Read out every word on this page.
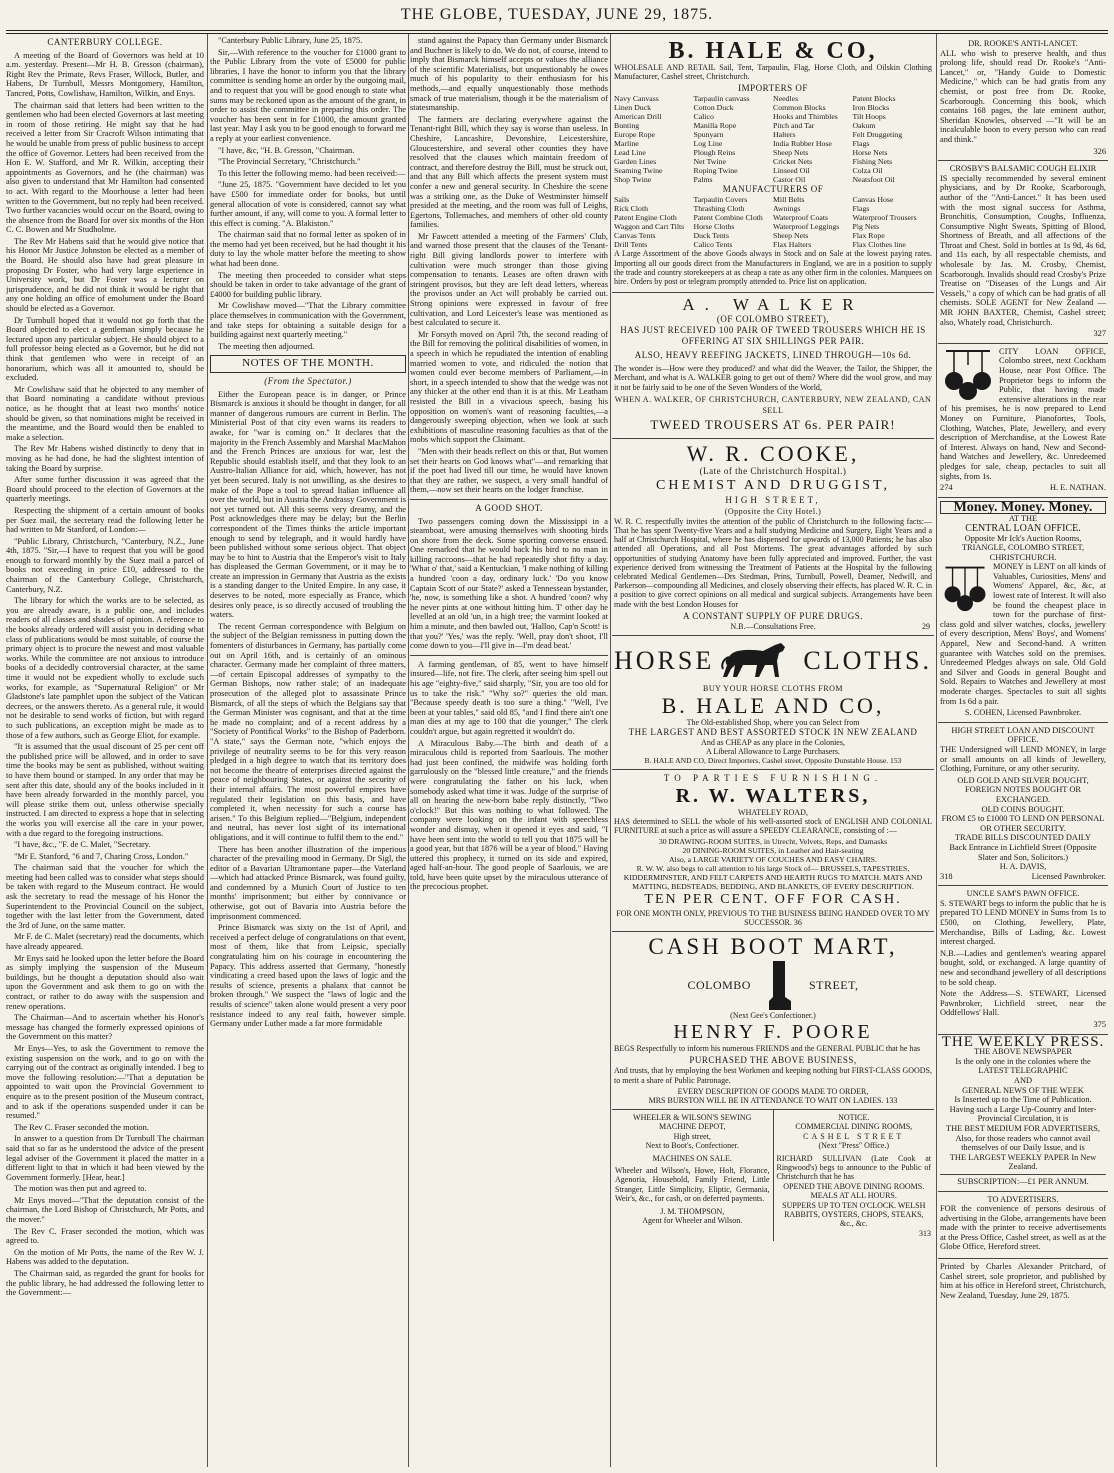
THE GLOBE, TUESDAY, JUNE 29, 1875.
CANTERBURY COLLEGE.

A meeting of the Board of Governors was held at 10 a.m. yesterday. Present—Mr H. B. Gresson (chairman), Right Rev the Primate, Revs Fraser, Willock, Butler, and Habens, Dr Turnbull, Messrs Montgomery, Hamilton, Tancred, Potts, Cowlishaw, Hamilton, Wilkin, and Enys.

The chairman said that letters had been written to the gentlemen who had been elected Governors at last meeting in room of those retiring. He might say that he had received a letter from Sir Cracroft Wilson intimating that he would be unable from press of public business to accept the office of Governor. Letters had been received from the Hon E. W. Stafford, and Mr R. Wilkin, accepting their appointments as Governors, and he (the chairman) was also given to understand that Mr Hamilton had consented to act. With regard to the Moorhouse a letter had been written to the Government, but no reply had been received. Two further vacancies would occur on the Board, owing to the absence from the Board for over six months of the Hon C. C. Bowen and Mr Studholme.

The Rev Mr Habens said that he would give notice that his Honor Mr Justice Johnston be elected as a member of the Board. He should also have had great pleasure in proposing Dr Foster, who had very large experience in University work, but Dr Foster was a lecturer on jurisprudence, and he did not think it would be right that any one holding an office of emolument under the Board should be elected as a Governor.

Dr Turnbull hoped that it would not go forth that the Board objected to elect a gentleman simply because he lectured upon any particular subject. He should object to a full professor being elected as a Governor, but he did not think that gentlemen who were in receipt of an honorarium, which was all it amounted to, should be excluded.

Mr Cowlishaw said that he objected to any member of that Board nominating a candidate without previous notice, as he thought that at least two months' notice should be given, so that nominations might be received in the meantime, and the Board would then be enabled to make a selection.

The Rev Mr Habens wished distinctly to deny that in moving as he had done, he had the slightest intention of taking the Board by surprise.

After some further discussion it was agreed that the Board should proceed to the election of Governors at the quarterly meetings.

Respecting the shipment of a certain amount of books per Suez mail, the secretary read the following letter he had written to Mr Stanford, of London:—

"Public Library, Christchurch, "Canterbury, N.Z., June 4th, 1875. "Sir,—I have to request that you will be good enough to forward monthly by the Suez mail a parcel of books not exceeding in price £10, addressed to the chairman of the Canterbury College, Christchurch, Canterbury, N.Z.

The library for which the works are to be selected, as you are already aware, is a public one, and includes readers of all classes and shades of opinion. A reference to the books already ordered will assist you in deciding what class of publications would be most suitable, of course the primary object is to procure the newest and most valuable works. While the committee are not anxious to introduce books of a decidedly controversial character, at the same time it would not be expedient wholly to exclude such works, for example, as "Supernatural Religion" or Mr Gladstone's late pamphlet upon the subject of the Vatican decrees, or the answers thereto. As a general rule, it would not be desirable to send works of fiction, but with regard to such publications, an exception might be made as to those of a few authors, such as George Eliot, for example.

"It is assumed that the usual discount of 25 per cent off the published price will be allowed, and in order to save time the books may be sent as published, without waiting to have them bound or stamped. In any order that may be sent after this date, should any of the books included in it have been already forwarded in the monthly parcel, you will please strike them out, unless otherwise specially instructed. I am directed to express a hope that in selecting the works you will exercise all the care in your power, with a due regard to the foregoing instructions.

"I have, &c., "F. de C. Malet, "Secretary.

"Mr E. Stanford, "6 and 7, Charing Cross, London."

The chairman said that the voucher for which the meeting had been called was to consider what steps should be taken with regard to the Museum contract. He would ask the secretary to read the message of his Honor the Superintendent to the Provincial Council on the subject, together with the last letter from the Government, dated the 3rd of June, on the same matter.

Mr F. de C. Malet (secretary) read the documents, which have already appeared.

Mr Enys said he looked upon the letter before the Board as simply implying the suspension of the Museum buildings, but he thought a deputation should also wait upon the Government and ask them to go on with the contract, or rather to do away with the suspension and renew operations.

The Chairman—And to ascertain whether his Honor's message has changed the formerly expressed opinions of the Government on this matter?

Mr Enys—Yes, to ask the Government to remove the existing suspension on the work, and to go on with the carrying out of the contract as originally intended. I beg to move the following resolution:—"That a deputation be appointed to wait upon the Provincial Government to enquire as to the present position of the Museum contract, and to ask if the operations suspended under it can be resumed."

The Rev C. Fraser seconded the motion.

In answer to a question from Dr Turnbull The chairman said that so far as he understood the advice of the present legal adviser of the Government it placed the matter in a different light to that in which it had been viewed by the Government formerly. [Hear, hear.]

The motion was then put and agreed to.

Mr Enys moved—"That the deputation consist of the chairman, the Lord Bishop of Christchurch, Mr Potts, and the mover."

The Rev C. Fraser seconded the motion, which was agreed to.

On the motion of Mr Potts, the name of the Rev W. J. Habens was added to the deputation.

The Chairman said, as regarded the grant for books for the public library, he had addressed the following letter to the Government:—

"Canterbury Public Library, June 25, 1875.

Sir,—With reference to the voucher for £1000 grant to the Public Library from the vote of £5000 for public libraries, I have the honor to inform you that the library committee is sending home an order by the outgoing mail, and to request that you will be good enough to state what sums may be reckoned upon as the amount of the grant, in order to assist the committee in preparing this order. The voucher has been sent in for £1000, the amount granted last year. May I ask you to be good enough to forward me a reply at your earliest convenience.

"I have, &c, "H. B. Gresson, "Chairman.

"The Provincial Secretary, "Christchurch."

To this letter the following memo. had been received:—

"June 25, 1875. "Government have decided to let you have £500 for immediate order for books, but until general allocation of vote is considered, cannot say what further amount, if any, will come to you. A formal letter to this effect is coming. "A. Blakiston."

The chairman said that no formal letter as spoken of in the memo had yet been received, but he had thought it his duty to lay the whole matter before the meeting to show what had been done.

The meeting then proceeded to consider what steps should be taken in order to take advantage of the grant of £4000 for building public library.

Mr Cowlishaw moved—"That the Library committee place themselves in communication with the Government, and take steps for obtaining a suitable design for a building against next quarterly meeting."

The meeting then adjourned.

NOTES OF THE MONTH.
(From the Spectator.)

Either the European peace is in danger, or Prince Bismarck is anxious it should be thought in danger, for all manner of dangerous rumours are current in Berlin. The Ministerial Post of that city even warns its readers to awake, for "war is coming on." It declares that the majority in the French Assembly and Marshal MacMahon and the French Princes are anxious for war, lest the Republic should establish itself, and that they look to an Austro-Italian Alliance for aid, which, however, has not yet been secured. Italy is not unwilling, as she desires to make of the Pope a tool to spread Italian influence all over the world, but in Austria the Andrassy Government is not yet turned out. All this seems very dreamy, and the Post acknowledges there may be delay; but the Berlin correspondent of the Times thinks the article important enough to send by telegraph, and it would hardly have been published without some serious object. That object may be to hint to Austria that the Emperor's visit to Italy has displeased the German Government, or it may be to create an impression in Germany that Austria as the exists is a standing danger to the United Empire. In any case, it deserves to be noted, more especially as France, which desires only peace, is so directly accused of troubling the waters.

The recent German correspondence with Belgium on the subject of the Belgian remissness in putting down the fomenters of disturbances in Germany, has partially come out on April 16th, and is certainly of an ominous character. Germany made her complaint of three matters,—of certain Episcopal addresses of sympathy to the German Bishops, now rather stale; of an inadequate prosecution of the alleged plot to assassinate Prince Bismarck, of all the steps of which the Belgians say that the German Minister was cognisant, and that at the time he made no complaint; and of a recent address by a "Society of Pontifical Works" to the Bishop of Paderborn. "A state," says the German note, "which enjoys the privilege of neutrality seems to be for this very reason pledged in a high degree to watch that its territory does not become the theatre of enterprises directed against the peace of neighbouring States, or against the security of their internal affairs. The most powerful empires have regulated their legislation on this basis, and have completed it, when necessity for such a course has arisen." To this Belgium replied—"Belgium, independent and neutral, has never lost sight of its international obligations, and it will continue to fulfil them to the end."

There has been another illustration of the imperious character of the prevailing mood in Germany. Dr Sigl, the editor of a Bavarian Ultramontane paper—the Vaterland—which had attacked Prince Bismarck, was found guilty, and condemned by a Munich Court of Justice to ten months' imprisonment; but either by connivance or otherwise, got out of Bavaria into Austria before the imprisonment commenced.

Prince Bismarck was sixty on the 1st of April, and received a perfect deluge of congratulations on that event, most of them, like that from Leipsic, specially congratulating him on his courage in encountering the Papacy. This address asserted that Germany, "honestly vindicating a creed based upon the laws of logic and the results of science, presents a phalanx that cannot be broken through." We suspect the "laws of logic and the results of science" taken alone would present a very poor resistance indeed to any real faith, however simple. Germany under Luther made a far more formidable

stand against the Papacy than Germany under Bismarck and Buchner is likely to do. We do not, of course, intend to imply that Bismarck himself accepts or values the alliance of the scientific Materialists, but unquestionably he owes much of his popularity to their enthusiasm for his methods,—and equally unquestionably those methods smack of true materialism, though it be the materialism of statesmanship.

The farmers are declaring everywhere against the Tenant-right Bill, which they say is worse than useless. In Cheshire, Lancashire, Devonshire, Leicestershire, Gloucestershire, and several other counties they have resolved that the clauses which maintain freedom of contract, and therefore destroy the Bill, must be struck out, and that any Bill which affects the present system must confer a new and general security. In Cheshire the scene was a striking one, as the Duke of Westminster himself presided at the meeting, and the room was full of Leighs, Egertons, Tollemaches, and members of other old county families.

Mr Fawcett attended a meeting of the Farmers' Club, and warned those present that the clauses of the Tenant-right Bill giving landlords power to interfere with cultivation were much stronger than those giving compensation to tenants. Leases are often drawn with stringent provisos, but they are left dead letters, whereas the provisos under an Act will probably be carried out. Strong opinions were expressed in favour of free cultivation, and Lord Leicester's lease was mentioned as best calculated to secure it.

Mr Forsyth moved on April 7th, the second reading of the Bill for removing the political disabilities of women, in a speech in which he repudiated the intention of enabling married women to vote, and ridiculed the notion that women could ever become members of Parliament,—in short, in a speech intended to show that the wedge was not any thicker at the other end than it is at this. Mr Leatham resisted the Bill in a vivacious speech, basing his opposition on women's want of reasoning faculties,—a dangerously sweeping objection, when we look at such exhibitions of masculine reasoning faculties as that of the mobs which support the Claimant.

"Men with their heads reflect on this or that, But women set their hearts on God knows what"—and remarking that if the poet had lived till our time, he would have known that they are rather, we suspect, a very small handful of them,—now set their hearts on the lodger franchise.

A GOOD SHOT.

Two passengers coming down the Mississippi in a steamboat, were amusing themselves with shooting birds on shore from the deck. Some sporting converse ensued. One remarked that he would back his bird to no man in killing raccoons—that he had repeatedly shot fifty a day. 'What o' that,' said a Kentuckian, 'I make nothing of killing a hundred 'coon a day, ordinary luck.' 'Do you know Captain Scott of our State?' asked a Tennessean bystander, 'he, now, is something like a shot. A hundred 'coon? why he never pints at one without hitting him. T' other day he levelled at an old 'un, in a high tree; the varmint looked at him a minute, and then bawled out, 'Halloo, Cap'n Scott! is that you?' 'Yes,' was the reply. 'Well, pray don't shoot, I'll come down to you—I'll give in—I'm dead beat.'

A farming gentleman, of 85, went to have himself insured—life, not fire. The clerk, after seeing him spell out his age "eighty-five," said sharply, "Sir, you are too old for us to take the risk." "Why so?" queries the old man. "Because speedy death is too sure a thing." "Well, I've been at your tables," said old 85, "and I find there ain't one man dies at my age to 100 that die younger," The clerk couldn't argue, but again regretted it wouldn't do.

A Miraculous Baby.—The birth and death of a miraculous child is reported from Saarlouis. The mother had just been confined, the midwife was holding forth garrulously on the "blessed little creature," and the friends were congratulating the father on his luck, when somebody asked what time it was. Judge of the surprise of all on hearing the new-born babe reply distinctly, "Two o'clock!" But this was nothing to what followed. The company were looking on the infant with speechless wonder and dismay, when it opened it eyes and said, "I have been sent into the world to tell you that 1875 will be a good year, but that 1876 will be a year of blood." Having uttered this prophecy, it turned on its side and expired, aged half-an-hour. The good people of Saarlouis, we are told, have been quite upset by the miraculous utterance of the precocious prophet.

B. HALE & CO,

WHOLESALE AND RETAIL Sail, Tent, Tarpaulin, Flag, Horse Cloth, and Oilskin Clothing Manufacturer, Cashel street, Christchurch.

IMPORTERS OF
Navy Canvass	Tarpaulin canvass	Needles	Patent Blocks
Linen Duck	Cotton Duck	Common Blocks	Iron Blocks
American Drill	Calico	Hooks and Thimbles	Tilt Hoops
Bunting	Manilla Rope	Pitch and Tar	Oakum
Europe Rope	Spunyarn	Halters	Felt Druggeting
Marline	Log Line	India Rubber Hose	Flags
Lead Line	Plough Reins	Sheep Nets	Horse Nets
Garden Lines	Net Twine	Cricket Nets	Fishing Nets
Seaming Twine	Roping Twine	Linseed Oil	Colza Oil
Shop Twine	Palms	Castor Oil	Neatsfoot Oil
MANUFACTURERS OF
Sails	Tarpaulin Covers	Mill Belts	Canvas Hose
Rick Cloth	Thrashing Cloth	Awnings	Flags
Patent Engine Cloth	Patent Combine Cloth	Waterproof Coats	Waterproof Trousers
Waggon and Cart Tilts	Horse Cloths	Waterproof Leggings	Pig Nets
Canvas Tents	Duck Tents	Sheep Nets	Flax Rope
Drill Tents	Calico Tents	Flax Halters	Flax Clothes line

A Large Assortment of the above Goods always in Stock and on Sale at the lowest paying rates. Importing all our goods direct from the Manufacturers in England, we are in a position to supply the trade and country storekeepers at as cheap a rate as any other firm in the colonies. Marquees on hire. Orders by post or telegram promptly attended to. Price list on application.

A. WALKER
(OF COLOMBO STREET),
HAS JUST RECEIVED 100 PAIR OF TWEED TROUSERS WHICH HE IS OFFERING AT SIX SHILLINGS PER PAIR.
ALSO, HEAVY REEFING JACKETS, LINED THROUGH—10s 6d.

The wonder is—How were they produced? and what did the Weaver, the Tailor, the Shipper, the Merchant, and what is A. WALKER going to get out of them? Where did the wool grow, and may it not be fairly said to be one of the Seven Wonders of the World,

WHEN A. WALKER, OF CHRISTCHURCH, CANTERBURY, NEW ZEALAND, CAN SELL
TWEED TROUSERS AT 6s. PER PAIR!
W. R. COOKE,
(Late of the Christchurch Hospital.)
CHEMIST AND DRUGGIST,
HIGH STREET,
(Opposite the City Hotel.)

W. R. C. respectfully invites the attention of the public of Christchurch to the following facts:—That he has spent Twenty-five Years and a half studying Medicine and Surgery, Eight Years and a half at Christchurch Hospital, where he has dispensed for upwards of 13,000 Patients; he has also attended all Operations, and all Post Mortems. The great advantages afforded by such opportunities of studying Anatomy have been fully appreciated and improved. Further, the vast experience derived from witnessing the Treatment of Patients at the Hospital by the following celebrated Medical Gentlemen—Drs Stedman, Prins, Turnbull, Powell, Deamer, Nedwill, and Parkerson—compounding all Medicines, and closely observing their effects, has placed W. R. C. in a position to give correct opinions on all medical and surgical subjects. Arrangements have been made with the best London Houses for

A CONSTANT SUPPLY OF PURE DRUGS.
N.B.—Consultations Free.	29
HORSE	CLOTHS.
BUY YOUR HORSE CLOTHS FROM
B. HALE AND CO,
The Old-established Shop, where you can Select from
THE LARGEST AND BEST ASSORTED STOCK IN NEW ZEALAND
And as CHEAP as any place in the Colonies,
A Liberal Allowance to Large Purchasers.
B. HALE AND CO, Direct Importers, Cashel street, Opposite Dunstable House. 153
TO PARTIES FURNISHING.
R. W. WALTERS,
WHATELEY ROAD,

HAS determined to SELL the whole of his well-assorted stock of ENGLISH AND COLONIAL FURNITURE at such a price as will assure a SPEEDY CLEARANCE, consisting of :—

30 DRAWING-ROOM SUITES, in Utrecht, Velvets, Reps, and Damasks
20 DINING-ROOM SUITES, in Leather and Hair-seating
Also, a LARGE VARIETY OF COUCHES AND EASY CHAIRS.
R. W. W. also begs to call attention to his large Stock of— BRUSSELS, TAPESTRIES, KIDDERMINSTER, AND FELT CARPETS AND HEARTH RUGS TO MATCH. MATS AND MATTING, BEDSTEADS, BEDDING, AND BLANKETS, OF EVERY DESCRIPTION.
TEN PER CENT. OFF FOR CASH.
FOR ONE MONTH ONLY, PREVIOUS TO THE BUSINESS BEING HANDED OVER TO MY SUCCESSOR. 36
CASH BOOT MART,
COLOMBO	STREET,
(Next Gee's Confectioner.)
HENRY F. POORE

BEGS Respectfully to inform his numerous FRIENDS and the GENERAL PUBLIC that he has

PURCHASED THE ABOVE BUSINESS,

And trusts, that by employing the best Workmen and keeping nothing but FIRST-CLASS GOODS, to merit a share of Public Patronage.

EVERY DESCRIPTION OF GOODS MADE TO ORDER,
MRS BURSTON WILL BE IN ATTENDANCE TO WAIT ON LADIES. 133
WHEELER & WILSON'S SEWING MACHINE DEPOT,
High street,
Next to Boot's, Confectioner.
MACHINES ON SALE.
Wheeler and Wilson's, Howe, Holt, Florance, Agenoria, Household, Family Friend, Little Stranger, Little Simplicity, Eliptic, Germania, Weir's, &c., for cash, or on deferred payments.
J. M. THOMPSON,
Agent for Wheeler and Wilson.
NOTICE.
COMMERCIAL DINING ROOMS,
CASHEL STREET
(Next "Press" Office.)
RICHARD SULLIVAN (Late Cook at Ringwood's) begs to announce to the Public of Christchurch that he has
OPENED THE ABOVE DINING ROOMS.
MEALS AT ALL HOURS.
SUPPERS UP TO TEN O'CLOCK. WELSH RABBITS, OYSTERS, CHOPS, STEAKS, &c., &c.
313
DR. ROOKE'S ANTI-LANCET.

ALL who wish to preserve health, and thus prolong life, should read Dr. Rooke's "Anti-Lancet," or, "Handy Guide to Domestic Medicine," which can be had gratis from any chemist, or post free from Dr. Rooke, Scarborough. Concerning this book, which contains 168 pages, the late eminent author, Sheridan Knowles, observed —"It will be an incalculable boon to every person who can read and think."

326
CROSBY'S BALSAMIC COUGH ELIXIR

IS specially recommended by several eminent physicians, and by Dr Rooke, Scarborough, author of the "Anti-Lancet." It has been used with the most signal success for Asthma, Bronchitis, Consumption, Coughs, Influenza, Consumptive Night Sweats, Spitting of Blood, Shortness of Breath, and all affections of the Throat and Chest. Sold in bottles at 1s 9d, 4s 6d, and 11s each, by all respectable chemists, and wholesale by Jas. M. Crosby, Chemist, Scarborough. Invalids should read Crosby's Prize Treatise on "Diseases of the Lungs and Air Vessels," a copy of which can be had gratis of all chemists. SOLE AGENT for New Zealand — MR JOHN BAXTER, Chemist, Cashel street; also, Whately road, Christchurch.

327

CITY LOAN OFFICE, Colombo street, next Cockham House, near Post Office. The Proprietor begs to inform the Public, that having made extensive alterations in the rear of his premises, he is now prepared to Lend Money on Furniture, Pianofortes, Tools, Clothing, Watches, Plate, Jewellery, and every description of Merchandise, at the Lowest Rate of Interest. Always on hand, New and Second-hand Watches and Jewellery, &c. Unredeemed pledges for sale, cheap, pectacles to suit all sights, from 1s.

274	H. E. NATHAN.
Money. Money. Money.
AT THE
CENTRAL LOAN OFFICE.
Opposite Mr Ick's Auction Rooms,
TRIANGLE, COLOMBO STREET,
CHRISTCHURCH.

MONEY is LENT on all kinds of Valuables, Curiosities, Mens' and Womens' Apparel, &c, &c, at lowest rate of Interest. It will also be found the cheapest place in town for the purchase of first-class gold and silver watches, clocks, jewellery of every description, Mens' Boys', and Womens' Apparel, New and Second-hand. A written guarantee with Watches sold on the premises. Unredeemed Pledges always on sale. Old Gold and Silver and Goods in general Bought and Sold. Repairs to Watches and Jewellery at most moderate charges. Spectacles to suit all sights from 1s 6d a pair.

S. COHEN, Licensed Pawnbroker.
HIGH STREET LOAN AND DISCOUNT OFFICE.

THE Undersigned will LEND MONEY, in large or small amounts on all kinds of Jewellery, Clothing, Furniture, or any other security.

OLD GOLD AND SILVER BOUGHT,
FOREIGN NOTES BOUGHT OR EXCHANGED.
OLD COINS BOUGHT.
FROM £5 to £1000 TO LEND ON PERSONAL OR OTHER SECURITY.
TRADE BILLS DISCOUNTED DAILY
Back Entrance in Lichfield Street (Opposite Slater and Son, Solicitors.)
H. A. DAVIS,
318	Licensed Pawnbroker.
UNCLE SAM'S PAWN OFFICE.

S. STEWART begs to inform the public that he is prepared TO LEND MONEY in Sums from 1s to £500, on Clothing, Jewellery, Plate, Merchandise, Bills of Lading, &c. Lowest interest charged.

N.B.—Ladies and gentlemen's wearing apparel bought, sold, or exchanged. A large quantity of new and secondhand jewellery of all descriptions to be sold cheap.

Note the Address—S. STEWART, Licensed Pawnbroker, Lichfield street, near the Oddfellows' Hall.

375
THE WEEKLY PRESS.
THE ABOVE NEWSPAPER
Is the only one in the colonies where the
LATEST TELEGRAPHIC
AND
GENERAL NEWS OF THE WEEK
Is Inserted up to the Time of Publication.
Having such a Large Up-Country and Inter-Provincial Circulation, it is
THE BEST MEDIUM FOR ADVERTISERS,
Also, for those readers who cannot avail themselves of our Daily Issue, and is
THE LARGEST WEEKLY PAPER In New Zealand.
SUBSCRIPTION:—£1 PER ANNUM.
TO ADVERTISERS.

FOR the convenience of persons desirous of advertising in the Globe, arrangements have been made with the printer to receive advertisements at the Press Office, Cashel street, as well as at the Globe Office, Hereford street.

Printed by Charles Alexander Pritchard, of Cashel street, sole proprietor, and published by him at his office in Hereford street, Christchurch, New Zealand, Tuesday, June 29, 1875.
